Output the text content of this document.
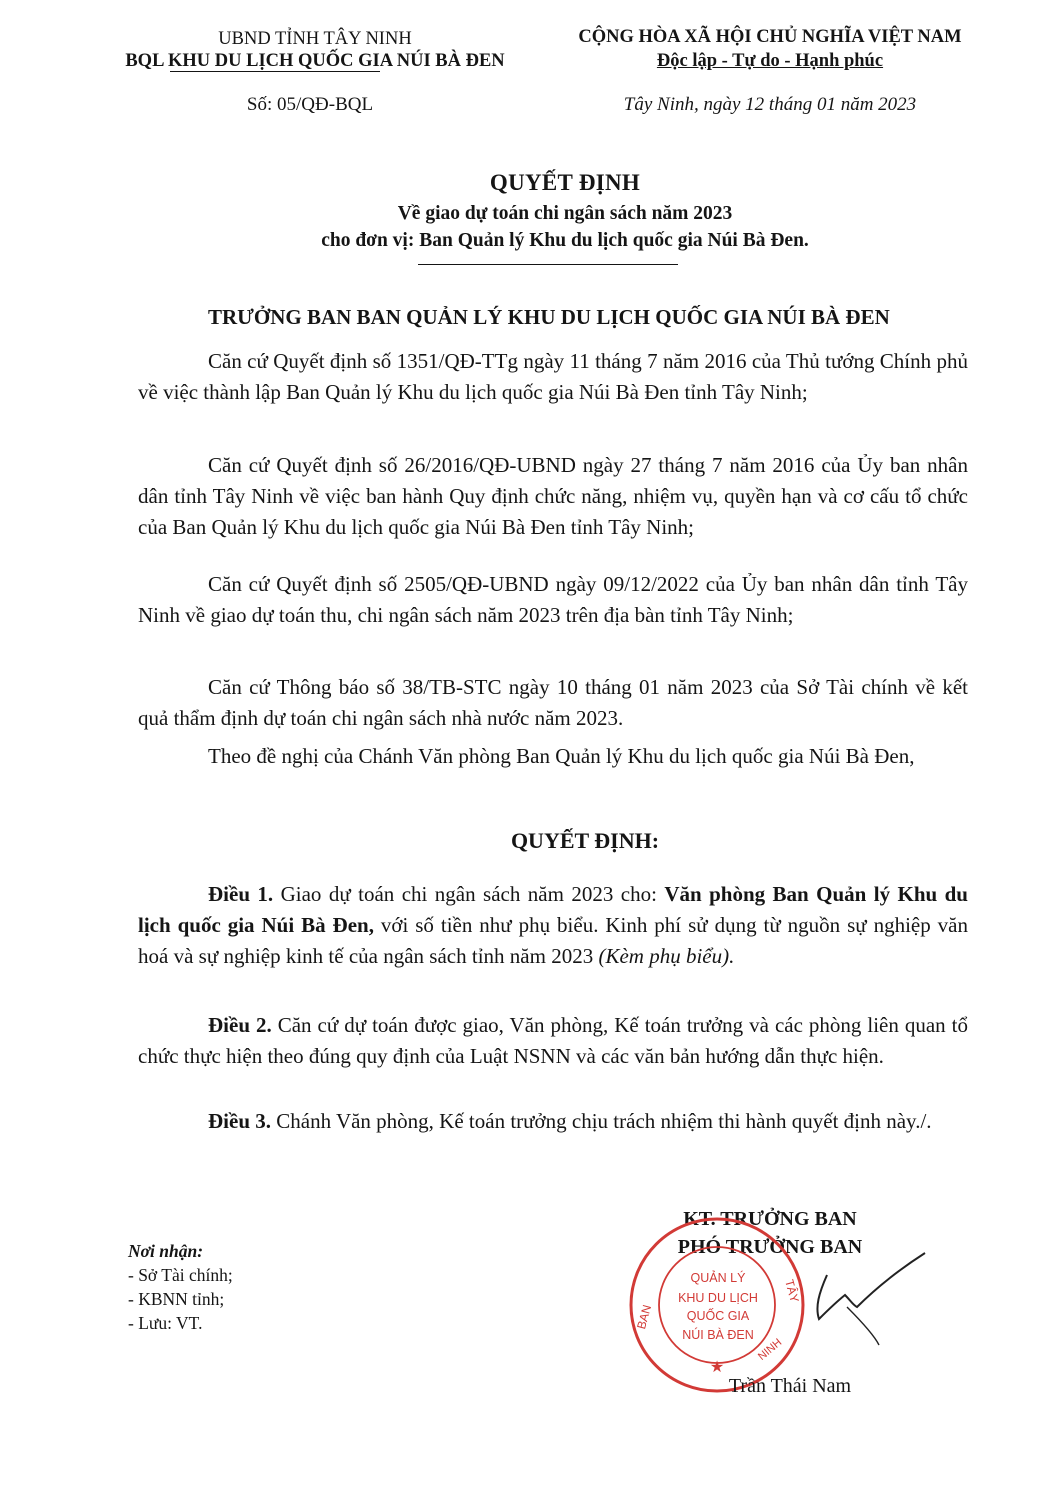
UBND TỈNH TÂY NINH
BQL KHU DU LỊCH QUỐC GIA NÚI BÀ ĐEN
CỘNG HÒA XÃ HỘI CHỦ NGHĨA VIỆT NAM
Độc lập - Tự do - Hạnh phúc
Số: 05/QĐ-BQL	Tây Ninh, ngày 12 tháng 01 năm 2023
QUYẾT ĐỊNH
Về giao dự toán chi ngân sách năm 2023
cho đơn vị: Ban Quản lý Khu du lịch quốc gia Núi Bà Đen.
TRƯỞNG BAN BAN QUẢN LÝ KHU DU LỊCH QUỐC GIA NÚI BÀ ĐEN
Căn cứ Quyết định số 1351/QĐ-TTg ngày 11 tháng 7 năm 2016 của Thủ tướng Chính phủ về việc thành lập Ban Quản lý Khu du lịch quốc gia Núi Bà Đen tỉnh Tây Ninh;
Căn cứ Quyết định số 26/2016/QĐ-UBND ngày 27 tháng 7 năm 2016 của Ủy ban nhân dân tỉnh Tây Ninh về việc ban hành Quy định chức năng, nhiệm vụ, quyền hạn và cơ cấu tổ chức của Ban Quản lý Khu du lịch quốc gia Núi Bà Đen tỉnh Tây Ninh;
Căn cứ Quyết định số 2505/QĐ-UBND ngày 09/12/2022 của Ủy ban nhân dân tỉnh Tây Ninh về giao dự toán thu, chi ngân sách năm 2023 trên địa bàn tỉnh Tây Ninh;
Căn cứ Thông báo số 38/TB-STC ngày 10 tháng 01 năm 2023 của Sở Tài chính về kết quả thẩm định dự toán chi ngân sách nhà nước năm 2023.
Theo đề nghị của Chánh Văn phòng Ban Quản lý Khu du lịch quốc gia Núi Bà Đen,
QUYẾT ĐỊNH:
Điều 1. Giao dự toán chi ngân sách năm 2023 cho: Văn phòng Ban Quản lý Khu du lịch quốc gia Núi Bà Đen, với số tiền như phụ biểu. Kinh phí sử dụng từ nguồn sự nghiệp văn hoá và sự nghiệp kinh tế của ngân sách tỉnh năm 2023 (Kèm phụ biểu).
Điều 2. Căn cứ dự toán được giao, Văn phòng, Kế toán trưởng và các phòng liên quan tổ chức thực hiện theo đúng quy định của Luật NSNN và các văn bản hướng dẫn thực hiện.
Điều 3. Chánh Văn phòng, Kế toán trưởng chịu trách nhiệm thi hành quyết định này./.
Nơi nhận:
- Sở Tài chính;
- KBNN tỉnh;
- Lưu: VT.
KT. TRƯỞNG BAN
PHÓ TRƯỞNG BAN
QUẢN LÝ
KHU DU LỊCH
QUỐC GIA
NÚI BÀ ĐEN
BAN
TÂY
NINH
★
Trần Thái Nam
